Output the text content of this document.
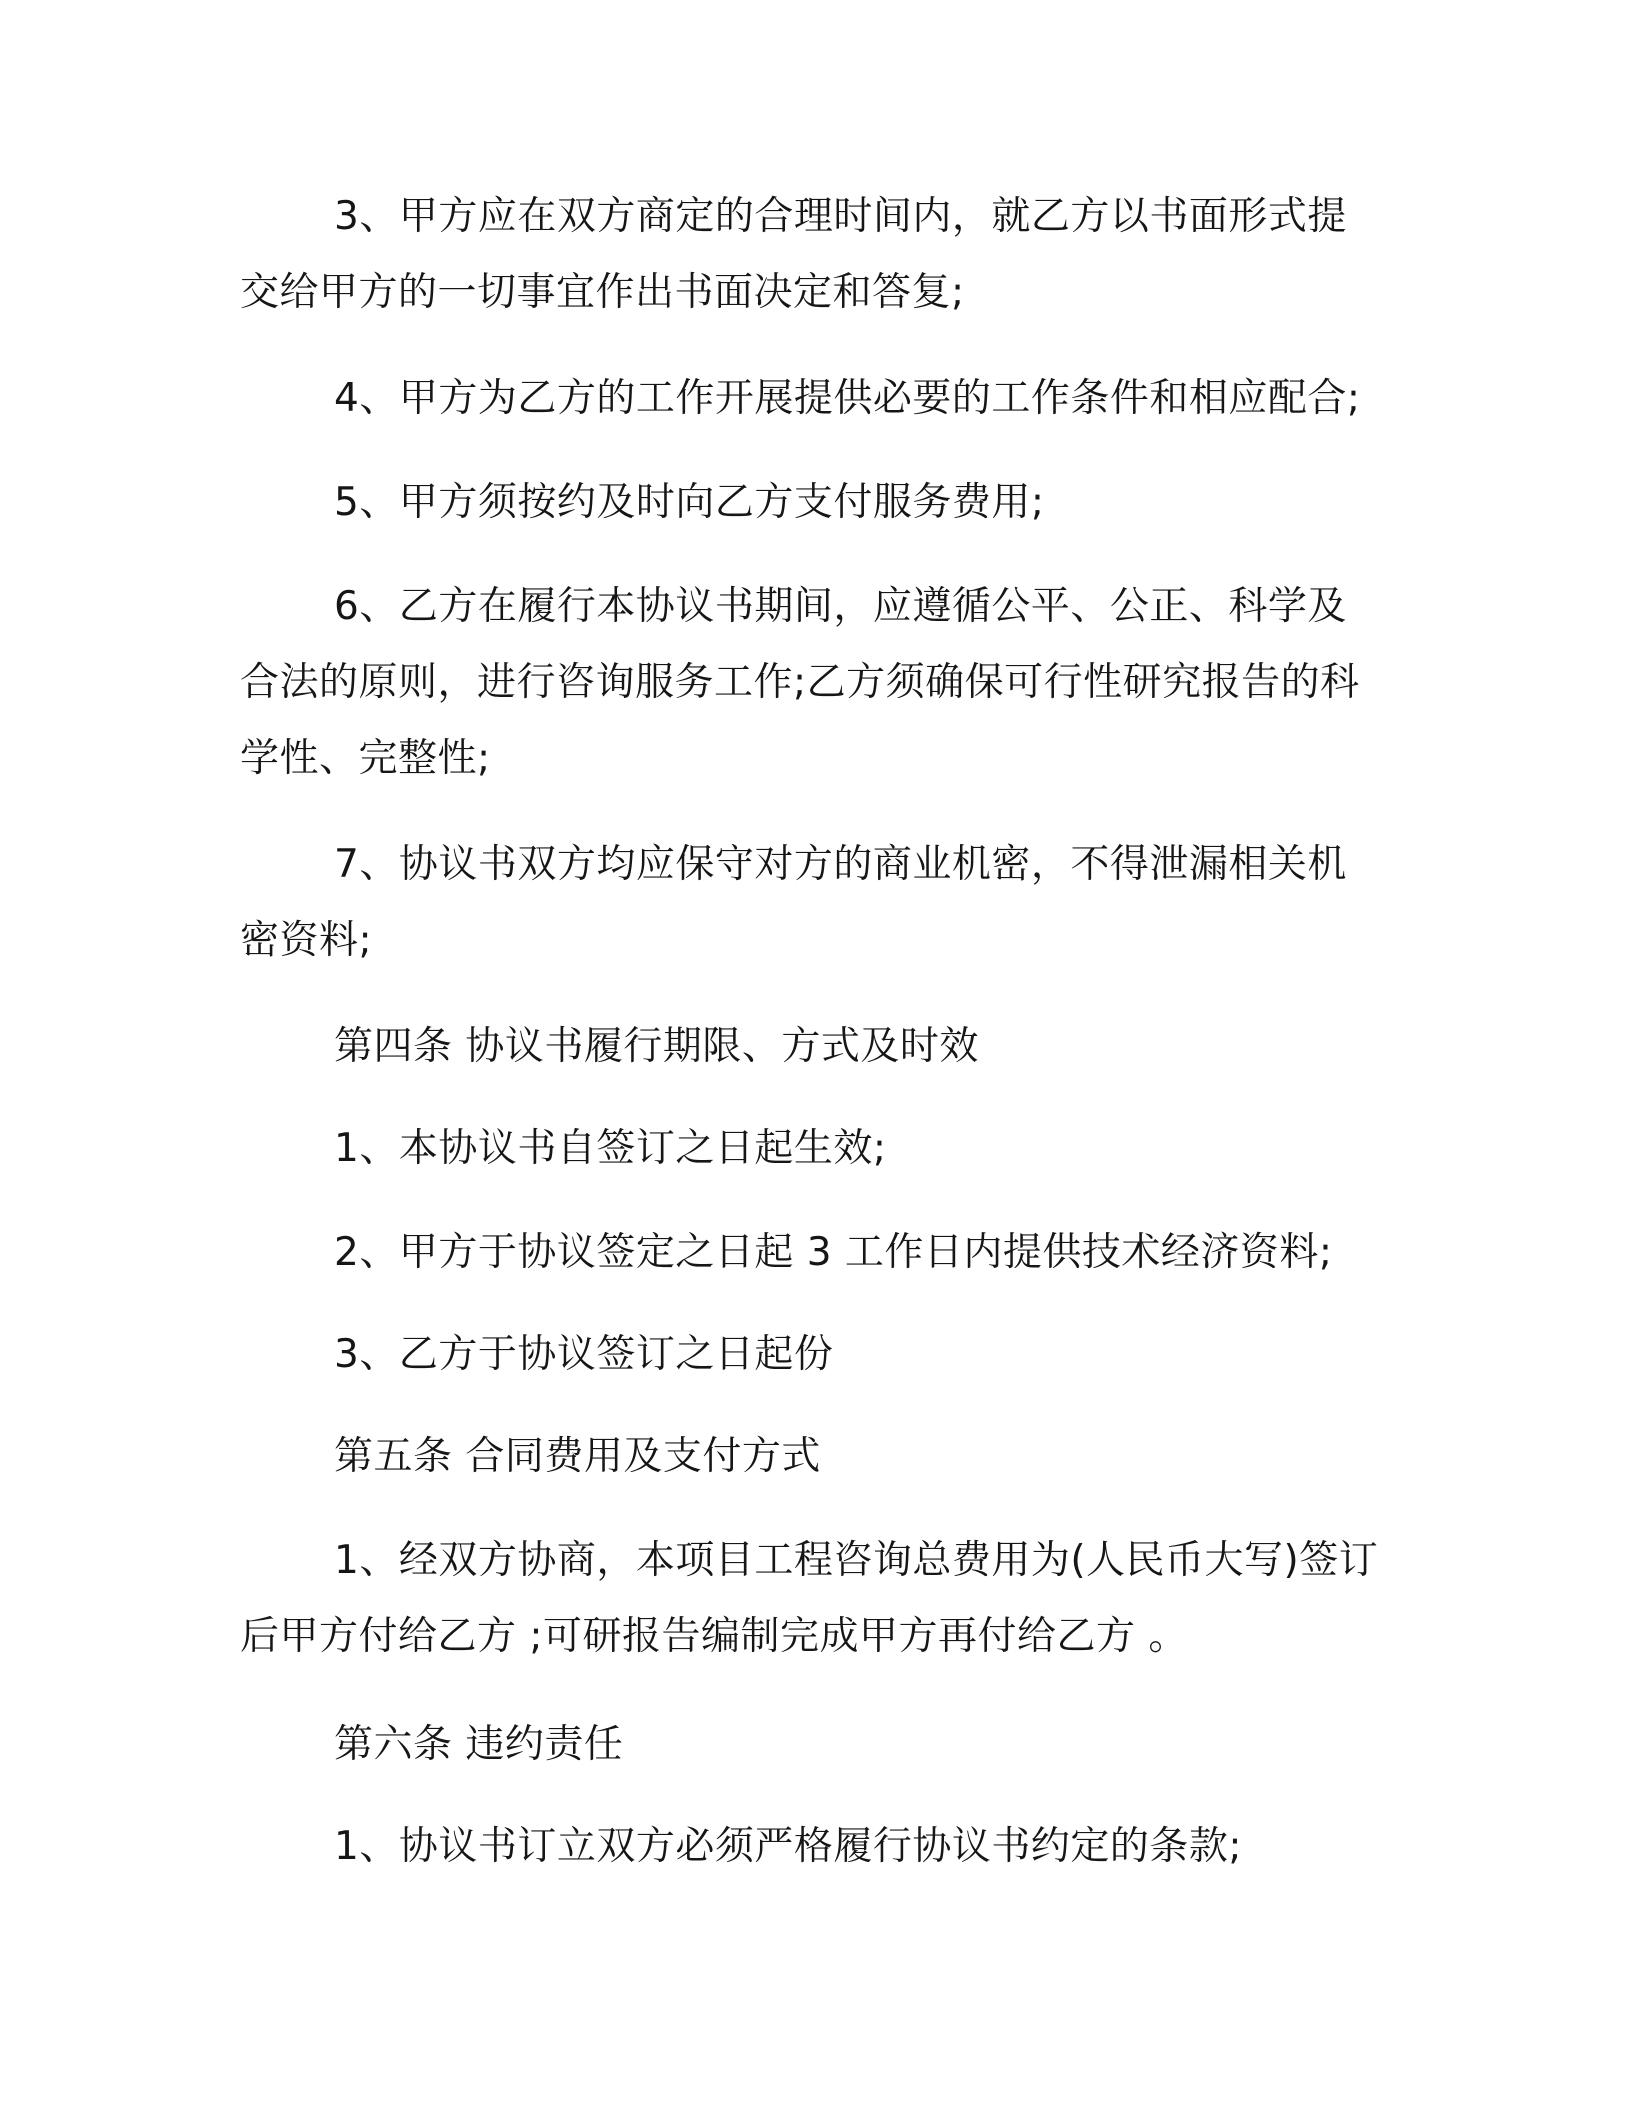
3、甲方应在双方商定的合理时间内，就乙方以书面形式提交给甲方的一切事宜作出书面决定和答复;

4、甲方为乙方的工作开展提供必要的工作条件和相应配合;

5、甲方须按约及时向乙方支付服务费用;

6、乙方在履行本协议书期间，应遵循公平、公正、科学及合法的原则，进行咨询服务工作;乙方须确保可行性研究报告的科学性、完整性;

7、协议书双方均应保守对方的商业机密，不得泄漏相关机密资料;

第四条 协议书履行期限、方式及时效

1、本协议书自签订之日起生效;

2、甲方于协议签定之日起 3 工作日内提供技术经济资料;

3、乙方于协议签订之日起份

第五条 合同费用及支付方式

1、经双方协商，本项目工程咨询总费用为(人民币大写)签订后甲方付给乙方 ;可研报告编制完成甲方再付给乙方 。

第六条 违约责任

1、协议书订立双方必须严格履行协议书约定的条款;
